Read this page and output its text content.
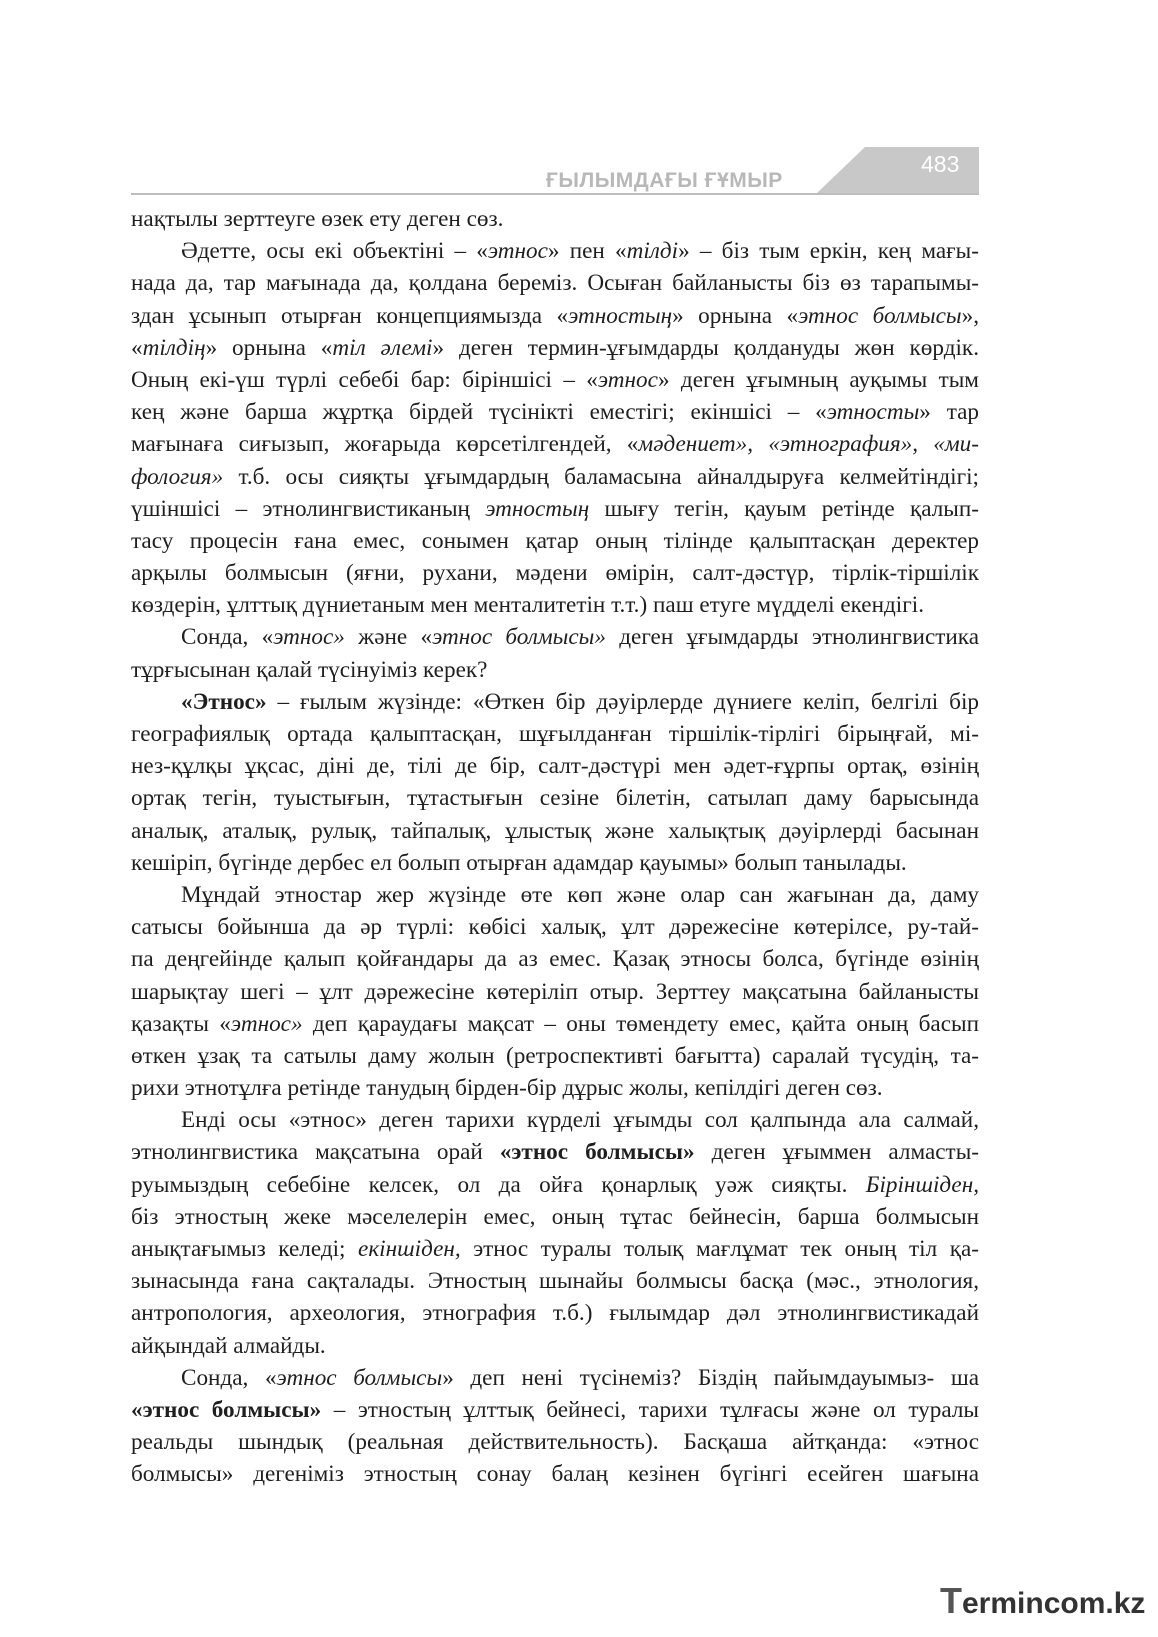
ҒЫЛЫМДАҒЫ ҒҰМЫР
483
нақтылы зерттеуге өзек ету деген сөз.
Әдетте, осы екі объектіні – «этнос» пен «тілді» – біз тым еркін, кең мағы-
нада да, тар мағынада да, қолдана береміз. Осыған байланысты біз өз тарапымы-
здан ұсынып отырған концепциямызда «этностың» орнына «этнос болмысы»,
«тілдің» орнына «тіл әлемі» деген термин-ұғымдарды қолдануды жөн көрдік.
Оның екі-үш түрлі себебі бар: біріншісі – «этнос» деген ұғымның ауқымы тым
кең және барша жұртқа бірдей түсінікті еместігі; екіншісі – «этносты» тар
мағынаға сиғызып, жоғарыда көрсетілгендей, «мәдениет», «этнография», «ми-
фология» т.б. осы сияқты ұғымдардың баламасына айналдыруға келмейтіндігі;
үшіншісі – этнолингвистиканың этностың шығу тегін, қауым ретінде қалып-
тасу процесін ғана емес, сонымен қатар оның тілінде қалыптасқан деректер
арқылы болмысын (яғни, рухани, мәдени өмірін, салт-дәстүр, тірлік-тіршілік
көздерін, ұлттық дүниетаным мен менталитетін т.т.) паш етуге мүдделі екендігі.
Сонда, «этнос» және «этнос болмысы» деген ұғымдарды этнолингвистика
тұрғысынан қалай түсінуіміз керек?
«Этнос» – ғылым жүзінде: «Өткен бір дәуірлерде дүниеге келіп, белгілі бір
географиялық ортада қалыптасқан, шұғылданған тіршілік-тірлігі бірыңғай, мі-
нез-құлқы ұқсас, діні де, тілі де бір, салт-дәстүрі мен әдет-ғұрпы ортақ, өзінің
ортақ тегін, туыстығын, тұтастығын сезіне білетін, сатылап даму барысында
аналық, аталық, рулық, тайпалық, ұлыстық және халықтық дәуірлерді басынан
кешіріп, бүгінде дербес ел болып отырған адамдар қауымы» болып танылады.
Мұндай этностар жер жүзінде өте көп және олар сан жағынан да, даму
сатысы бойынша да әр түрлі: көбісі халық, ұлт дәрежесіне көтерілсе, ру-тай-
па деңгейінде қалып қойғандары да аз емес. Қазақ этносы болса, бүгінде өзінің
шарықтау шегі – ұлт дәрежесіне көтеріліп отыр. Зерттеу мақсатына байланысты
қазақты «этнос» деп қараудағы мақсат – оны төмендету емес, қайта оның басып
өткен ұзақ та сатылы даму жолын (ретроспективті бағытта) саралай түсудің, та-
рихи этнотұлға ретінде танудың бірден-бір дұрыс жолы, кепілдігі деген сөз.
Енді осы «этнос» деген тарихи күрделі ұғымды сол қалпында ала салмай,
этнолингвистика мақсатына орай «этнос болмысы» деген ұғыммен алмасты-
руымыздың себебіне келсек, ол да ойға қонарлық уәж сияқты. Біріншіден,
біз этностың жеке мәселелерін емес, оның тұтас бейнесін, барша болмысын
анықтағымыз келеді; екіншіден, этнос туралы толық мағлұмат тек оның тіл қа-
зынасында ғана сақталады. Этностың шынайы болмысы басқа (мәс., этнология,
антропология, археология, этнография т.б.) ғылымдар дәл этнолингвистикадай
айқындай алмайды.
Сонда, «этнос болмысы» деп нені түсінеміз? Біздің пайымдауымыз- ша
«этнос болмысы» – этностың ұлттық бейнесі, тарихи тұлғасы және ол туралы
реальды шындық (реальная действительность). Басқаша айтқанда: «этнос
болмысы» дегеніміз этностың сонау балаң кезінен бүгінгі есейген шағына
Termincom.kz
